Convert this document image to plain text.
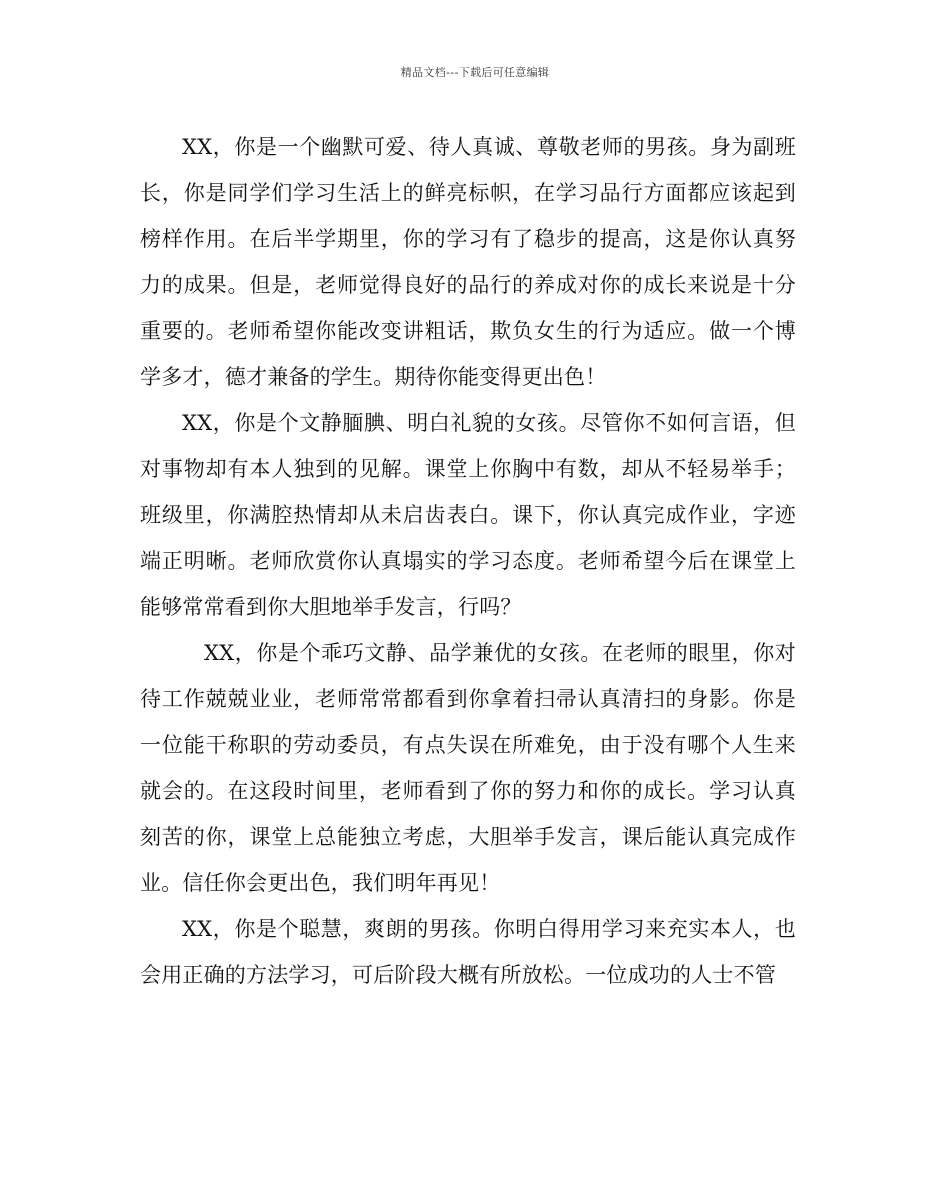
精品文档---下载后可任意编辑

XX，你是一个幽默可爱、待人真诚、尊敬老师的男孩。身为副班长，你是同学们学习生活上的鲜亮标帜，在学习品行方面都应该起到榜样作用。在后半学期里，你的学习有了稳步的提高，这是你认真努力的成果。但是，老师觉得良好的品行的养成对你的成长来说是十分重要的。老师希望你能改变讲粗话，欺负女生的行为适应。做一个博学多才，德才兼备的学生。期待你能变得更出色！

XX，你是个文静腼腆、明白礼貌的女孩。尽管你不如何言语，但对事物却有本人独到的见解。课堂上你胸中有数，却从不轻易举手；班级里，你满腔热情却从未启齿表白。课下，你认真完成作业，字迹端正明晰。老师欣赏你认真塌实的学习态度。老师希望今后在课堂上能够常常看到你大胆地举手发言，行吗？

XX，你是个乖巧文静、品学兼优的女孩。在老师的眼里，你对待工作兢兢业业，老师常常都看到你拿着扫帚认真清扫的身影。你是一位能干称职的劳动委员，有点失误在所难免，由于没有哪个人生来就会的。在这段时间里，老师看到了你的努力和你的成长。学习认真刻苦的你，课堂上总能独立考虑，大胆举手发言，课后能认真完成作业。信任你会更出色，我们明年再见！

XX，你是个聪慧，爽朗的男孩。你明白得用学习来充实本人，也会用正确的方法学习，可后阶段大概有所放松。一位成功的人士不管
